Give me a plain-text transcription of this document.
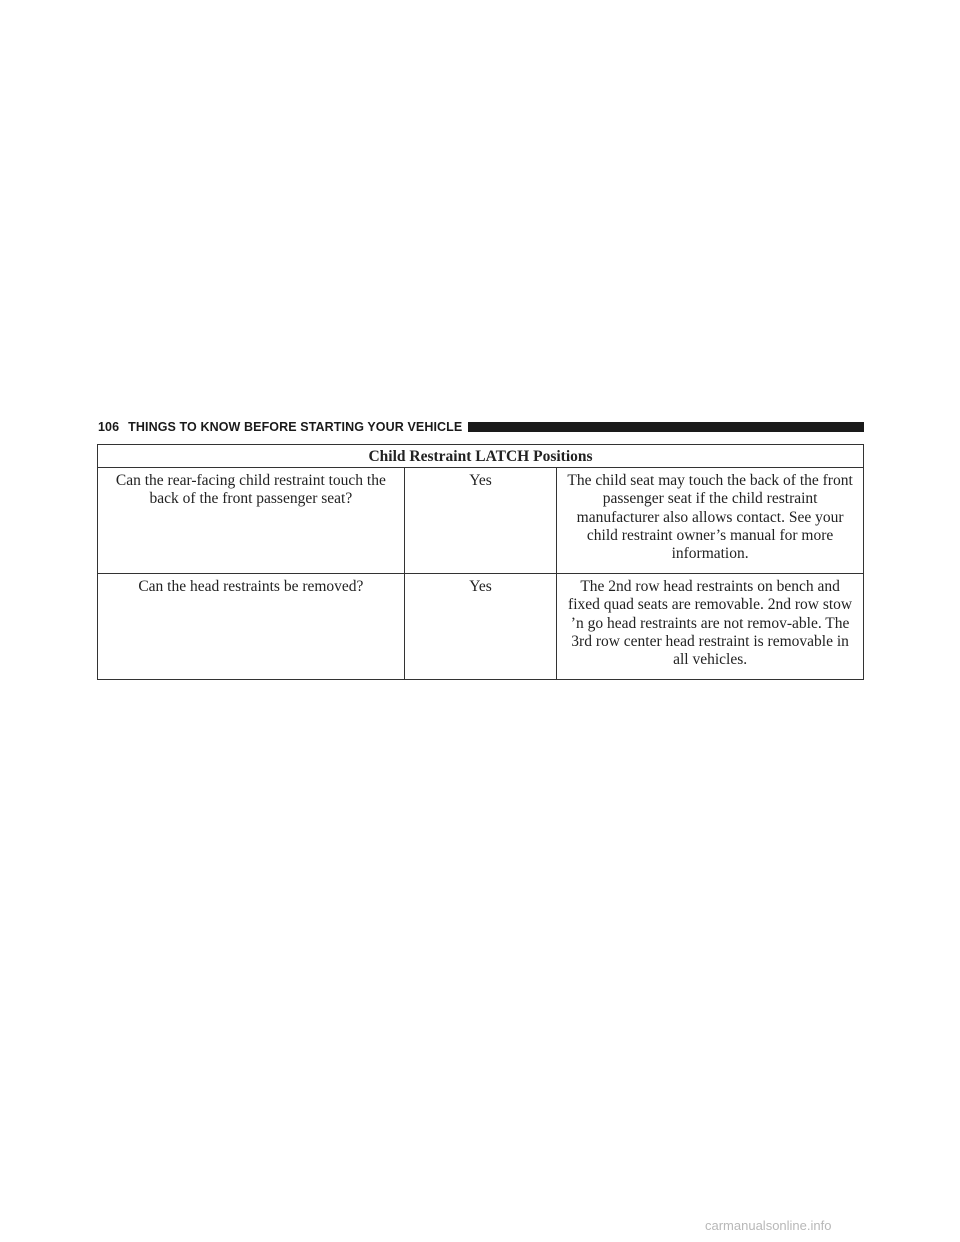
106 THINGS TO KNOW BEFORE STARTING YOUR VEHICLE
Child Restraint LATCH Positions		
Can the rear-facing child restraint touch the back of the front passenger seat?	Yes	The child seat may touch the back of the front passenger seat if the child restraint manufacturer also allows contact. See your child restraint owner’s manual for more information.
Can the head restraints be removed?	Yes	The 2nd row head restraints on bench and fixed quad seats are removable. 2nd row stow ’n go head restraints are not remov-able. The 3rd row center head restraint is removable in all vehicles.
carmanualsonline.info
